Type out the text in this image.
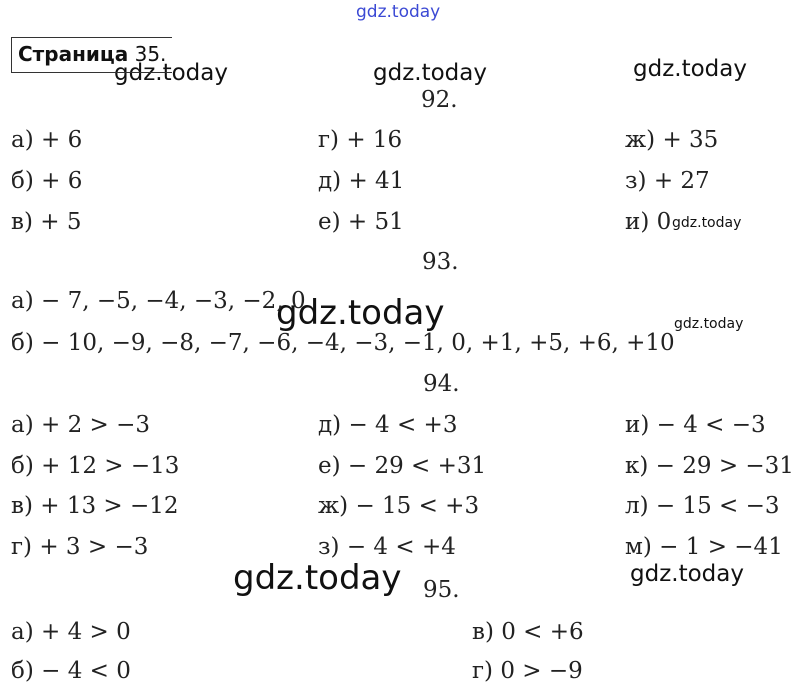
gdz.today
gdz.today	gdz.today	gdz.today
gdz.today
gdz.today	gdz.today
gdz.today	gdz.today
Страница 35.
92.
а) + 6
б) + 6
в) + 5
г) + 16
д) + 41
е) + 51
ж) + 35
з) + 27
и) 0
93.
а) − 7, −5, −4, −3, −2, 0
б) − 10, −9, −8, −7, −6, −4, −3, −1, 0, +1, +5, +6, +10
94.
а) + 2 > −3
б) + 12 > −13
в) + 13 > −12
г) + 3 > −3
д) − 4 < +3
е) − 29 < +31
ж) − 15 < +3
з) − 4 < +4
и) − 4 < −3
к) − 29 > −31
л) − 15 < −3
м) − 1 > −41
95.
а) + 4 > 0
б) − 4 < 0
в) 0 < +6
г) 0 > −9
